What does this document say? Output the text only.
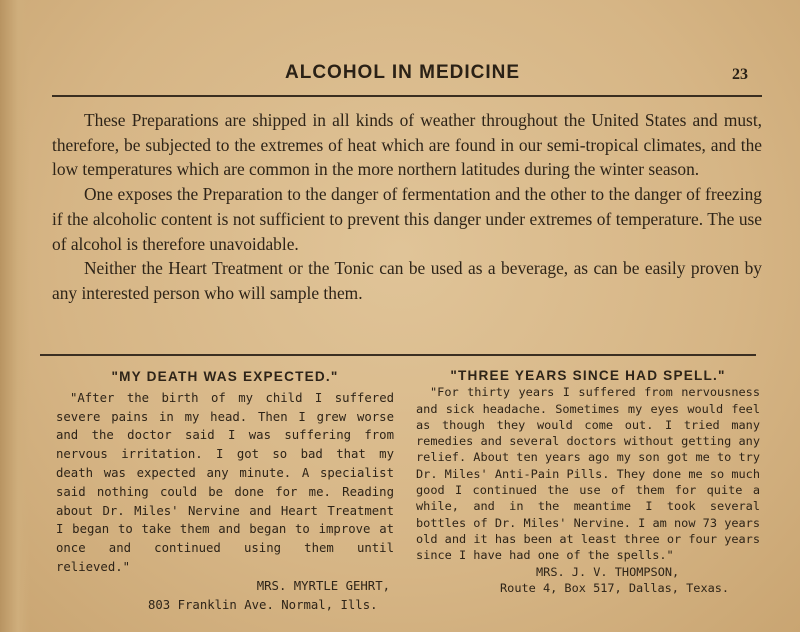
ALCOHOL IN MEDICINE	23

These Preparations are shipped in all kinds of weather throughout the United States and must, therefore, be subjected to the extremes of heat which are found in our semi-tropical climates, and the low temperatures which are common in the more northern latitudes during the winter season.

One exposes the Preparation to the danger of fermentation and the other to the danger of freezing if the alcoholic content is not sufficient to prevent this danger under extremes of temperature. The use of alcohol is therefore unavoidable.

Neither the Heart Treatment or the Tonic can be used as a beverage, as can be easily proven by any interested person who will sample them.

"MY DEATH WAS EXPECTED."

"After the birth of my child I suffered severe pains in my head. Then I grew worse and the doctor said I was suffering from nervous irritation. I got so bad that my death was expected any minute. A specialist said nothing could be done for me. Reading about Dr. Miles' Nervine and Heart Treatment I began to take them and began to improve at once and continued using them until relieved."

MRS. MYRTLE GEHRT,

803 Franklin Ave. Normal, Ills.

"THREE YEARS SINCE HAD SPELL."

"For thirty years I suffered from nervousness and sick headache. Sometimes my eyes would feel as though they would come out. I tried many remedies and several doctors without getting any relief. About ten years ago my son got me to try Dr. Miles' Anti-Pain Pills. They done me so much good I continued the use of them for quite a while, and in the meantime I took several bottles of Dr. Miles' Nervine. I am now 73 years old and it has been at least three or four years since I have had one of the spells."

MRS. J. V. THOMPSON,

Route 4, Box 517, Dallas, Texas.
